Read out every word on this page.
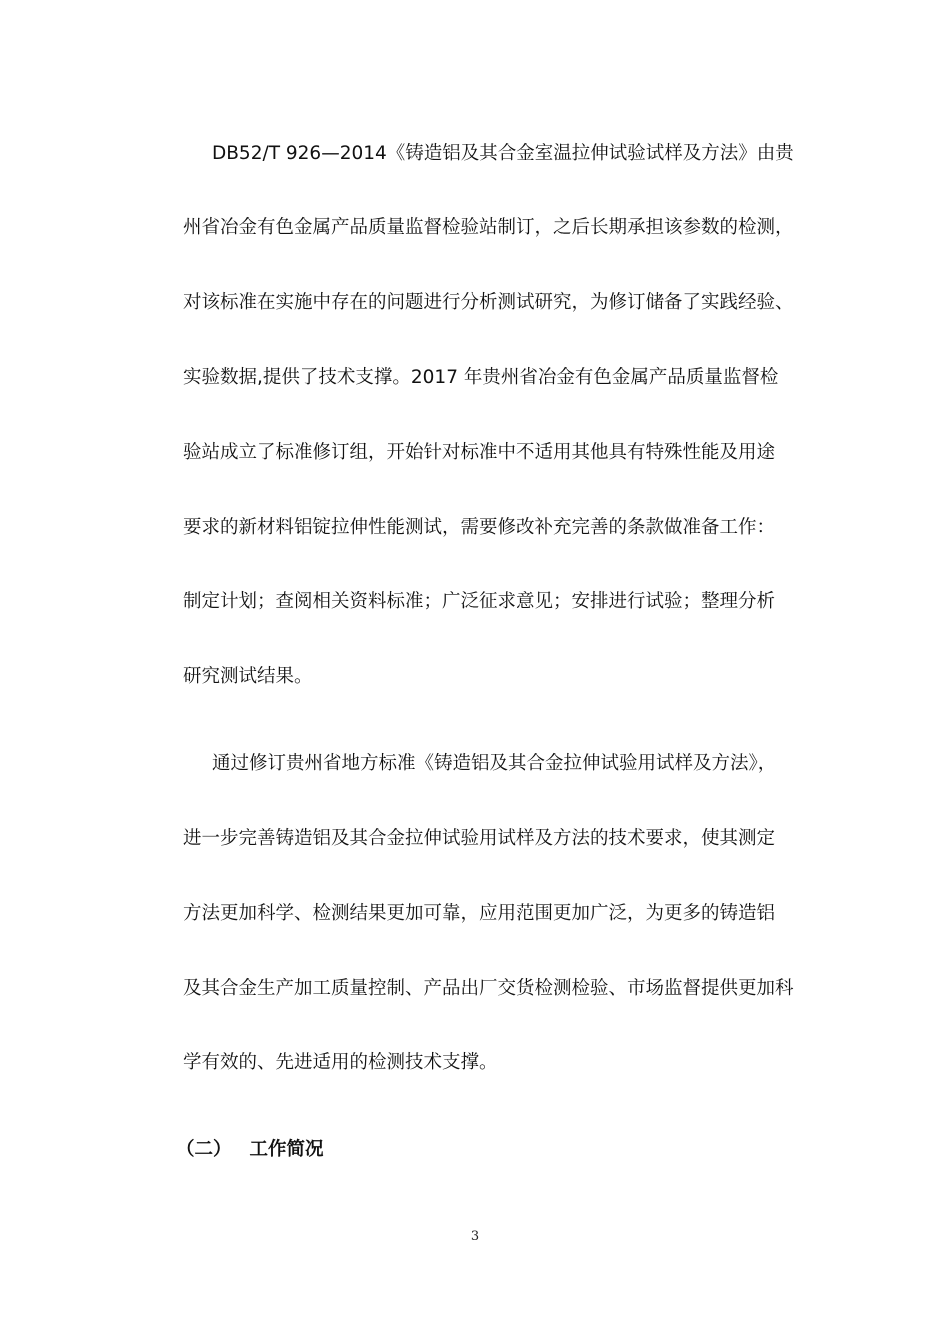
DB52/T 926—2014《铸造铝及其合金室温拉伸试验试样及方法》由贵
州省冶金有色金属产品质量监督检验站制订，之后长期承担该参数的检测，
对该标准在实施中存在的问题进行分析测试研究，为修订储备了实践经验、
实验数据,提供了技术支撑。2017 年贵州省冶金有色金属产品质量监督检
验站成立了标准修订组，开始针对标准中不适用其他具有特殊性能及用途
要求的新材料铝锭拉伸性能测试，需要修改补充完善的条款做准备工作：
制定计划；查阅相关资料标准；广泛征求意见；安排进行试验；整理分析
研究测试结果。
通过修订贵州省地方标准《铸造铝及其合金拉伸试验用试样及方法》，
进一步完善铸造铝及其合金拉伸试验用试样及方法的技术要求，使其测定
方法更加科学、检测结果更加可靠，应用范围更加广泛，为更多的铸造铝
及其合金生产加工质量控制、产品出厂交货检测检验、市场监督提供更加科
学有效的、先进适用的检测技术支撑。
（二） 工作简况
3
